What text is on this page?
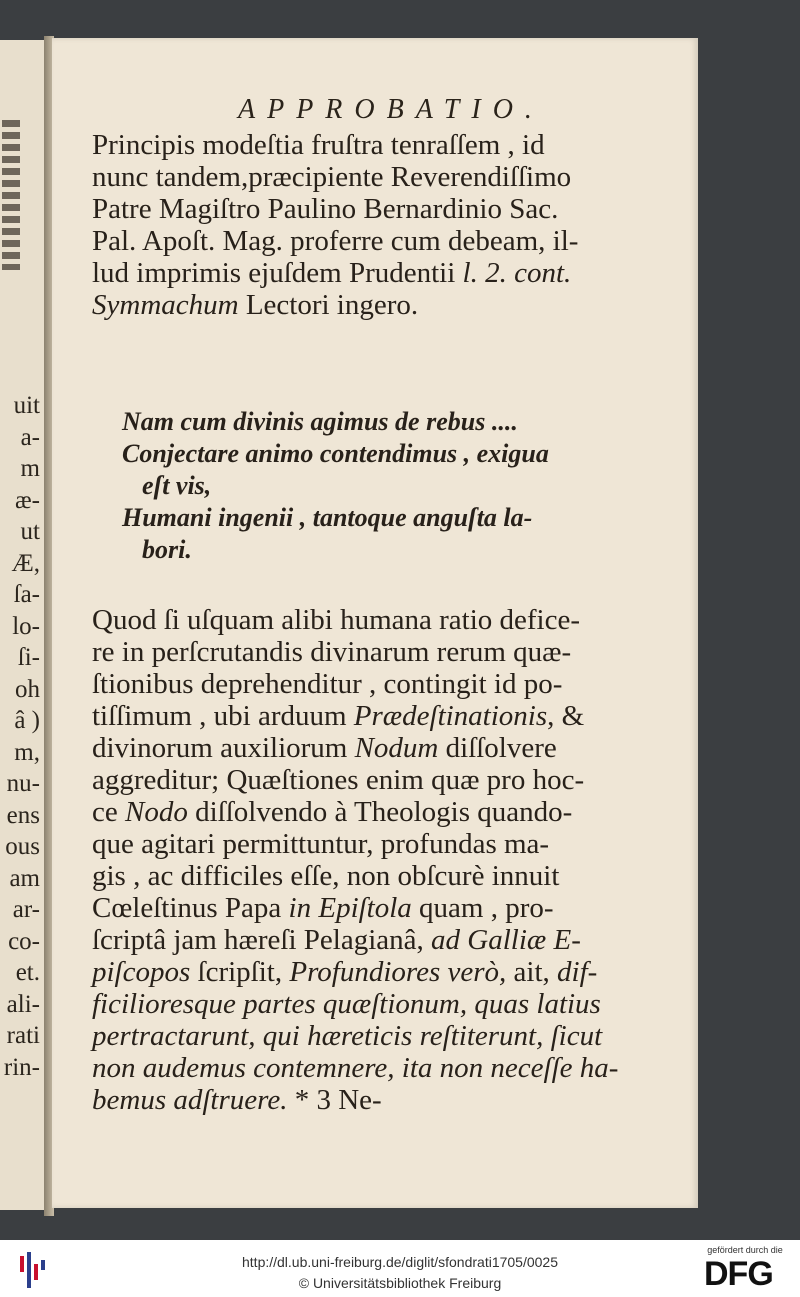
uit
a-
m
æ-
ut
Æ,
ſa-
lo-
ſi-
oh
â )
m,
nu-
ens
ous
am
ar-
co-
et.
ali-
rati
rin-
APPROBATIO.
Principis modeſtia fruſtra tenraſſem , id
nunc tandem,præcipiente Reverendiſſimo
Patre Magiſtro Paulino Bernardinio Sac.
Pal. Apoſt. Mag. proferre cum debeam, il-
lud imprimis ejuſdem Prudentii l. 2. cont.
Symmachum Lectori ingero.
Nam cum divinis agimus de rebus ....
Conjectare animo contendimus , exigua
eſt vis,
Humani ingenii , tantoque anguſta la-
bori.
Quod ſi uſquam alibi humana ratio defice-
re in perſcrutandis divinarum rerum quæ-
ſtionibus deprehenditur , contingit id po-
tiſſimum , ubi arduum Prædeſtinationis, &
divinorum auxiliorum Nodum diſſolvere
aggreditur; Quæſtiones enim quæ pro hoc-
ce Nodo diſſolvendo à Theologis quando-
que agitari permittuntur, profundas ma-
gis , ac difficiles eſſe, non obſcurè innuit
Cœleſtinus Papa in Epiſtola quam , pro-
ſcriptâ jam hæreſi Pelagianâ, ad Galliæ E-
piſcopos ſcripſit, Profundiores verò, ait, dif-
ficilioresque partes quæſtionum, quas latius
pertractarunt, qui hæreticis reſtiterunt, ſicut
non audemus contemnere, ita non neceſſe ha-
bemus adſtruere. * 3 Ne-
http://dl.ub.uni-freiburg.de/diglit/sfondrati1705/0025
© Universitätsbibliothek Freiburg
gefördert durch die
DFG
